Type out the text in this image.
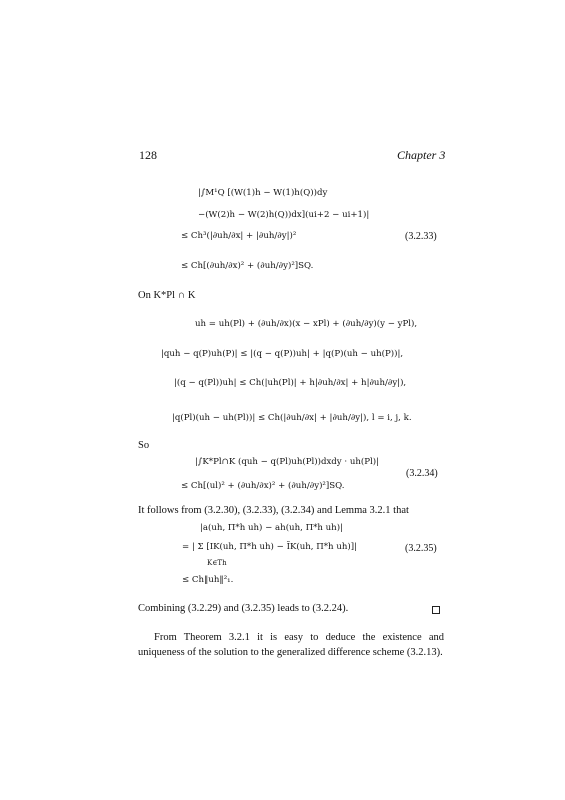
128	Chapter 3
|∫M¹Q [(W(1)h − W(1)h(Q))dy
−(W(2)h − W(2)h(Q))dx](ui+2 − ui+1)|
≤ Ch³(|∂uh/∂x| + |∂uh/∂y|)²
≤ Ch[(∂uh/∂x)² + (∂uh/∂y)²]SQ.
(3.2.33)
On K*Pl ∩ K
uh = uh(Pl) + (∂uh/∂x)(x − xPl) + (∂uh/∂y)(y − yPl),
|quh − q(P)uh(P)| ≤ |(q − q(P))uh| + |q(P)(uh − uh(P))|,
|(q − q(Pl))uh| ≤ Ch(|uh(Pl)| + h|∂uh/∂x| + h|∂uh/∂y|),
|q(Pl)(uh − uh(Pl))| ≤ Ch(|∂uh/∂x| + |∂uh/∂y|), l = i, j, k.
So
|∫K*Pl∩K (quh − q(Pl)uh(Pl))dxdy · uh(Pl)|
≤ Ch[(ul)² + (∂uh/∂x)² + (∂uh/∂y)²]SQ.
(3.2.34)
It follows from (3.2.30), (3.2.33), (3.2.34) and Lemma 3.2.1 that
|a(uh, Π*h uh) − ah(uh, Π*h uh)|
= | Σ [IK(uh, Π*h uh) − ĨK(uh, Π*h uh)]|
K∈Th
≤ Ch‖uh‖²₁.
(3.2.35)
Combining (3.2.29) and (3.2.35) leads to (3.2.24).
From Theorem 3.2.1 it is easy to deduce the existence and uniqueness of the solution to the generalized difference scheme (3.2.13).
